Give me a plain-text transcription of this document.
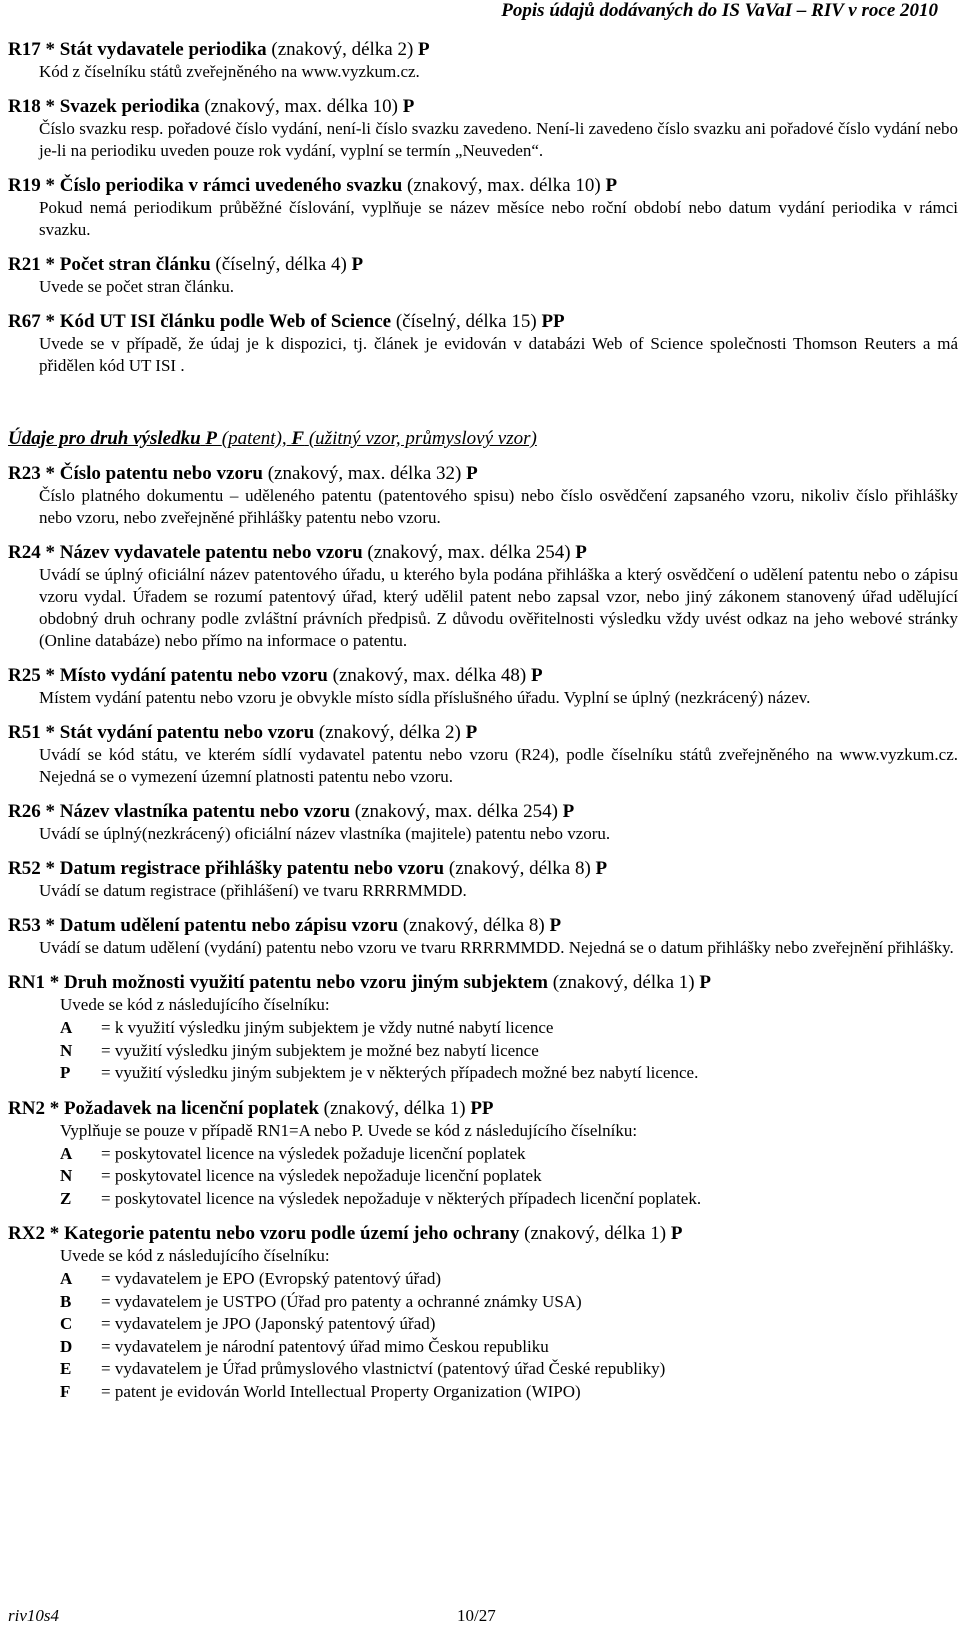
Popis údajů dodávaných do IS VaVaI – RIV v roce 2010
R17 * Stát vydavatele periodika (znakový, délka 2) P
Kód z číselníku států zveřejněného na www.vyzkum.cz.
R18 * Svazek periodika (znakový, max. délka 10) P
Číslo svazku resp. pořadové číslo vydání, není-li číslo svazku zavedeno. Není-li zavedeno číslo svazku ani pořadové číslo vydání nebo je-li na periodiku uveden pouze rok vydání, vyplní se termín „Neuveden“.
R19 * Číslo periodika v rámci uvedeného svazku (znakový, max. délka 10) P
Pokud nemá periodikum průběžné číslování, vyplňuje se název měsíce nebo roční období nebo datum vydání periodika v rámci svazku.
R21 * Počet stran článku (číselný, délka 4) P
Uvede se počet stran článku.
R67 * Kód UT ISI článku podle Web of Science (číselný, délka 15) PP
Uvede se v případě, že údaj je k dispozici, tj. článek je evidován v databázi Web of Science společnosti Thomson Reuters a má přidělen kód UT ISI .
Údaje pro druh výsledku P (patent), F (užitný vzor, průmyslový vzor)
R23 * Číslo patentu nebo vzoru (znakový, max. délka 32) P
Číslo platného dokumentu – uděleného patentu (patentového spisu) nebo číslo osvědčení zapsaného vzoru, nikoliv číslo přihlášky nebo vzoru, nebo zveřejněné přihlášky patentu nebo vzoru.
R24 * Název vydavatele patentu nebo vzoru (znakový, max. délka 254) P
Uvádí se úplný oficiální název patentového úřadu, u kterého byla podána přihláška a který osvědčení o udělení patentu nebo o zápisu vzoru vydal. Úřadem se rozumí patentový úřad, který udělil patent nebo zapsal vzor, nebo jiný zákonem stanovený úřad udělující obdobný druh ochrany podle zvláštní právních předpisů. Z důvodu ověřitelnosti výsledku vždy uvést odkaz na jeho webové stránky (Online databáze) nebo přímo na informace o patentu.
R25 * Místo vydání patentu nebo vzoru (znakový, max. délka 48) P
Místem vydání patentu nebo vzoru je obvykle místo sídla příslušného úřadu. Vyplní se úplný (nezkrácený) název.
R51 * Stát vydání patentu nebo vzoru (znakový, délka 2) P
Uvádí se kód státu, ve kterém sídlí vydavatel patentu nebo vzoru (R24), podle číselníku států zveřejněného na www.vyzkum.cz. Nejedná se o vymezení územní platnosti patentu nebo vzoru.
R26 * Název vlastníka patentu nebo vzoru (znakový, max. délka 254) P
Uvádí se úplný(nezkrácený) oficiální název vlastníka (majitele) patentu nebo vzoru.
R52 * Datum registrace přihlášky patentu nebo vzoru (znakový, délka 8) P
Uvádí se datum registrace (přihlášení) ve tvaru RRRRMMDD.
R53 * Datum udělení patentu nebo zápisu vzoru (znakový, délka 8) P
Uvádí se datum udělení (vydání) patentu nebo vzoru ve tvaru RRRRMMDD. Nejedná se o datum přihlášky nebo zveřejnění přihlášky.
RN1 * Druh možnosti využití patentu nebo vzoru jiným subjektem (znakový, délka 1) P
Uvede se kód z následujícího číselníku:
A	= k využití výsledku jiným subjektem je vždy nutné nabytí licence
N	= využití výsledku jiným subjektem je možné bez nabytí licence
P	= využití výsledku jiným subjektem je v některých případech možné bez nabytí licence.
RN2 * Požadavek na licenční poplatek (znakový, délka 1) PP
Vyplňuje se pouze v případě RN1=A nebo P. Uvede se kód z následujícího číselníku:
A	= poskytovatel licence na výsledek požaduje licenční poplatek
N	= poskytovatel licence na výsledek nepožaduje licenční poplatek
Z	= poskytovatel licence na výsledek nepožaduje v některých případech licenční poplatek.
RX2 * Kategorie patentu nebo vzoru podle území jeho ochrany (znakový, délka 1) P
Uvede se kód z následujícího číselníku:
A	= vydavatelem je EPO (Evropský patentový úřad)
B	= vydavatelem je USTPO (Úřad pro patenty a ochranné známky USA)
C	= vydavatelem je JPO (Japonský patentový úřad)
D	= vydavatelem je národní patentový úřad mimo Českou republiku
E	= vydavatelem je Úřad průmyslového vlastnictví (patentový úřad České republiky)
F	= patent je evidován World Intellectual Property Organization (WIPO)
riv10s4	10/27
